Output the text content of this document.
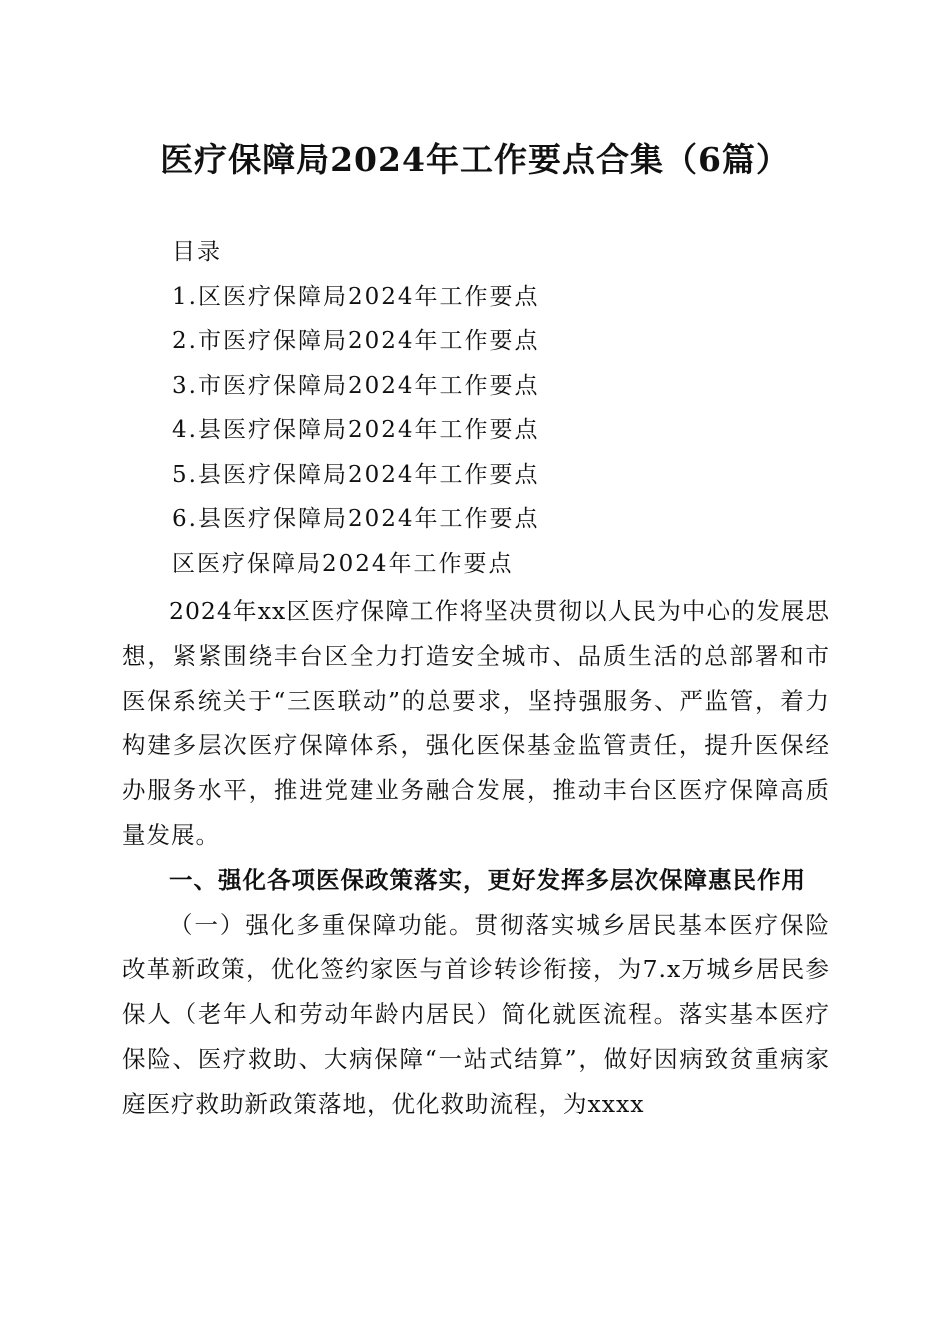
医疗保障局2024年工作要点合集（6篇）
目录
1.区医疗保障局2024年工作要点
2.市医疗保障局2024年工作要点
3.市医疗保障局2024年工作要点
4.县医疗保障局2024年工作要点
5.县医疗保障局2024年工作要点
6.县医疗保障局2024年工作要点
区医疗保障局2024年工作要点

2024年xx区医疗保障工作将坚决贯彻以人民为中心的发展思想，紧紧围绕丰台区全力打造安全城市、品质生活的总部署和市医保系统关于“三医联动”的总要求，坚持强服务、严监管，着力构建多层次医疗保障体系，强化医保基金监管责任，提升医保经办服务水平，推进党建业务融合发展，推动丰台区医疗保障高质量发展。

一、强化各项医保政策落实，更好发挥多层次保障惠民作用

（一）强化多重保障功能。贯彻落实城乡居民基本医疗保险改革新政策，优化签约家医与首诊转诊衔接，为7.x万城乡居民参保人（老年人和劳动年龄内居民）简化就医流程。落实基本医疗保险、医疗救助、大病保障“一站式结算”，做好因病致贫重病家庭医疗救助新政策落地，优化救助流程，为xxxx
